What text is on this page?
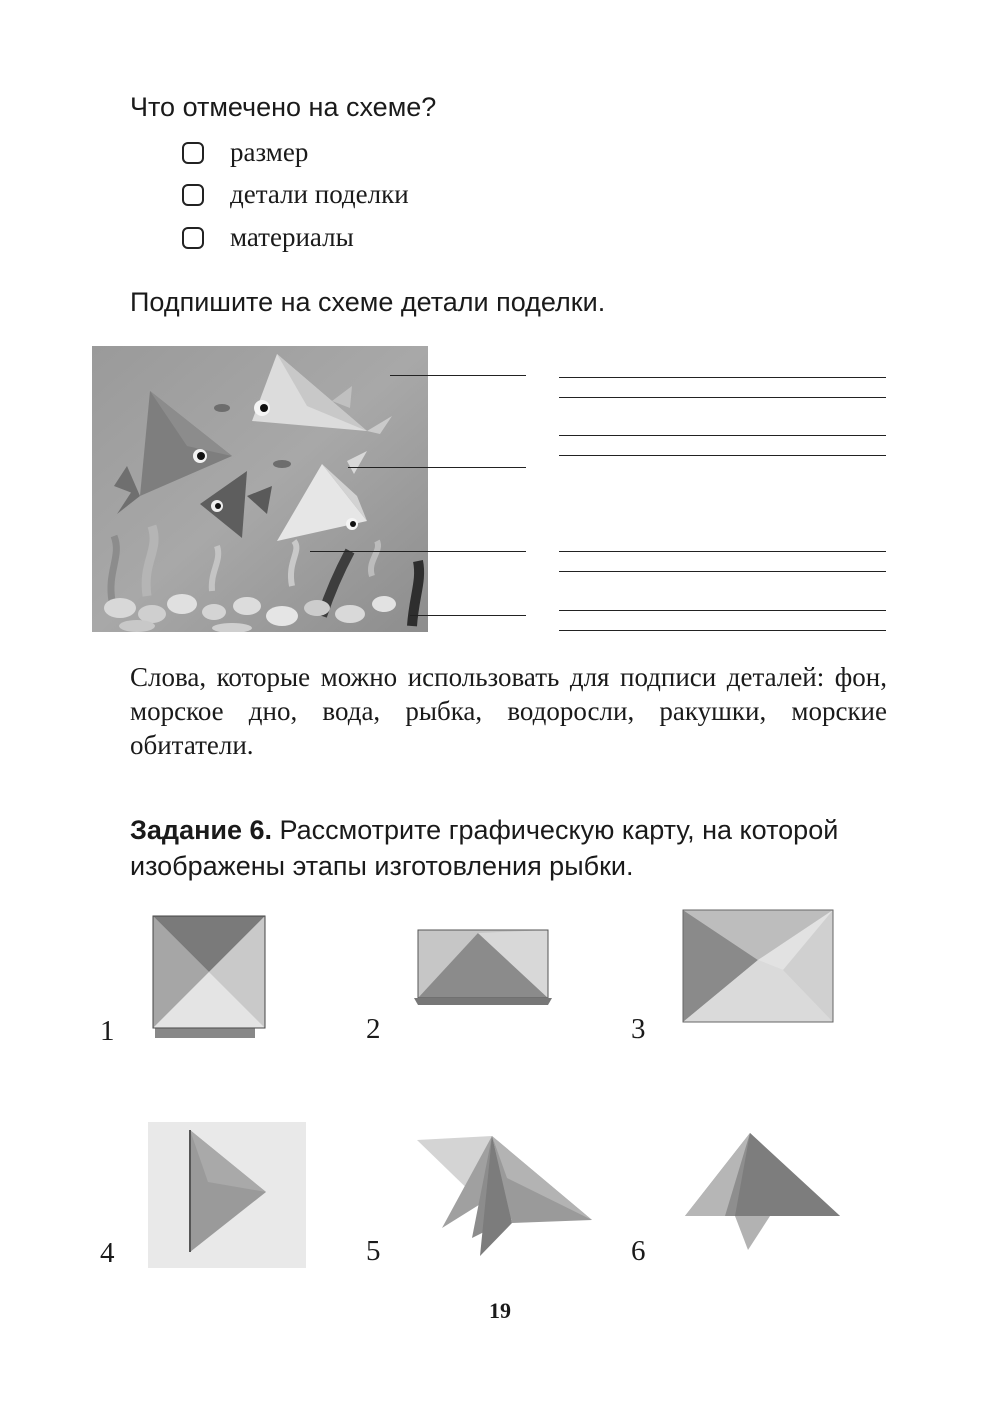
Что отмечено на схеме?
размер
детали поделки
материалы
Подпишите на схеме детали поделки.
Слова, которые можно использовать для подписи деталей: фон, морское дно, вода, рыбка, водоросли, ракушки, морские обитатели.
Задание 6. Рассмотрите графическую карту, на которой изображены этапы изготовления рыбки.
1	2	3
4	5	6
19
